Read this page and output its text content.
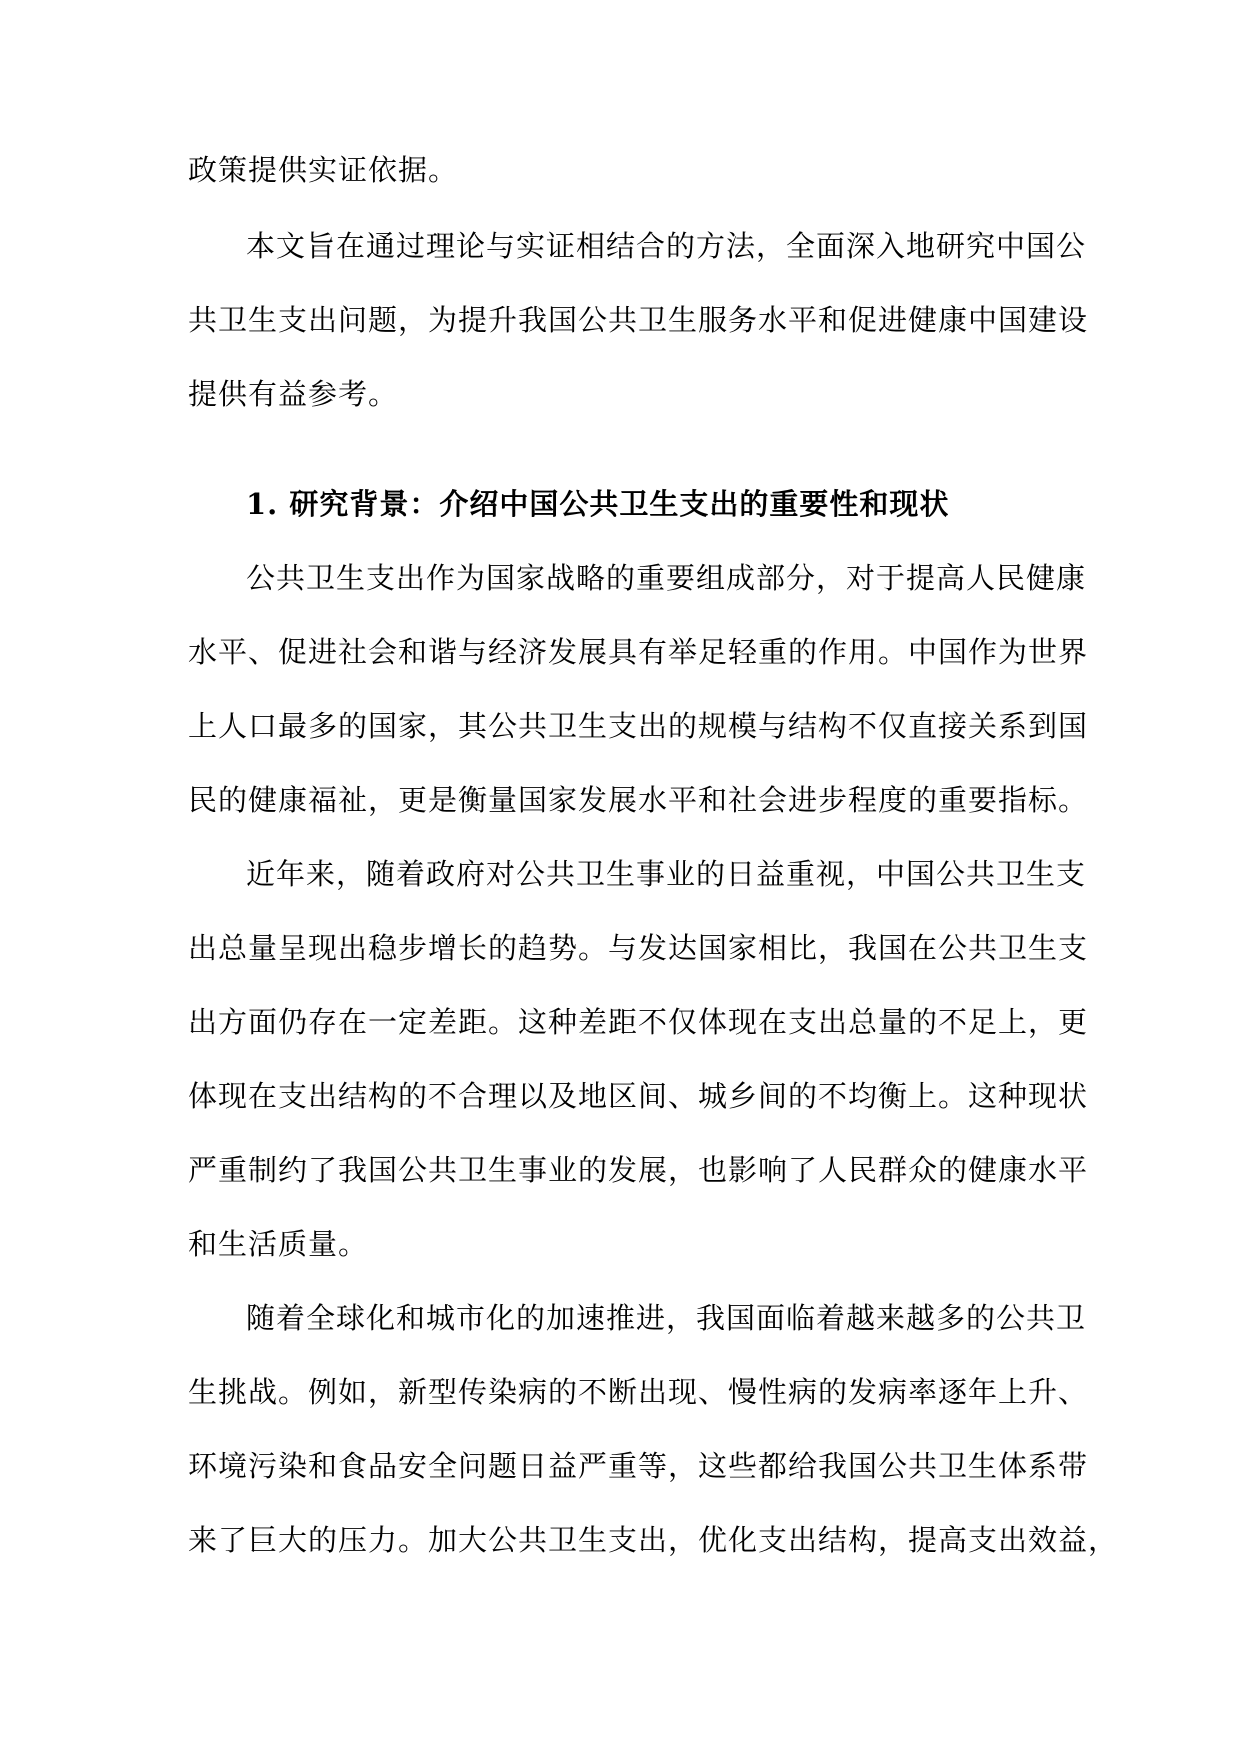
政策提供实证依据。
本文旨在通过理论与实证相结合的方法，全面深入地研究中国公
共卫生支出问题，为提升我国公共卫生服务水平和促进健康中国建设
提供有益参考。
1. 研究背景：介绍中国公共卫生支出的重要性和现状
公共卫生支出作为国家战略的重要组成部分，对于提高人民健康
水平、促进社会和谐与经济发展具有举足轻重的作用。中国作为世界
上人口最多的国家，其公共卫生支出的规模与结构不仅直接关系到国
民的健康福祉，更是衡量国家发展水平和社会进步程度的重要指标。
近年来，随着政府对公共卫生事业的日益重视，中国公共卫生支
出总量呈现出稳步增长的趋势。与发达国家相比，我国在公共卫生支
出方面仍存在一定差距。这种差距不仅体现在支出总量的不足上，更
体现在支出结构的不合理以及地区间、城乡间的不均衡上。这种现状
严重制约了我国公共卫生事业的发展，也影响了人民群众的健康水平
和生活质量。
随着全球化和城市化的加速推进，我国面临着越来越多的公共卫
生挑战。例如，新型传染病的不断出现、慢性病的发病率逐年上升、
环境污染和食品安全问题日益严重等，这些都给我国公共卫生体系带
来了巨大的压力。加大公共卫生支出，优化支出结构，提高支出效益，
